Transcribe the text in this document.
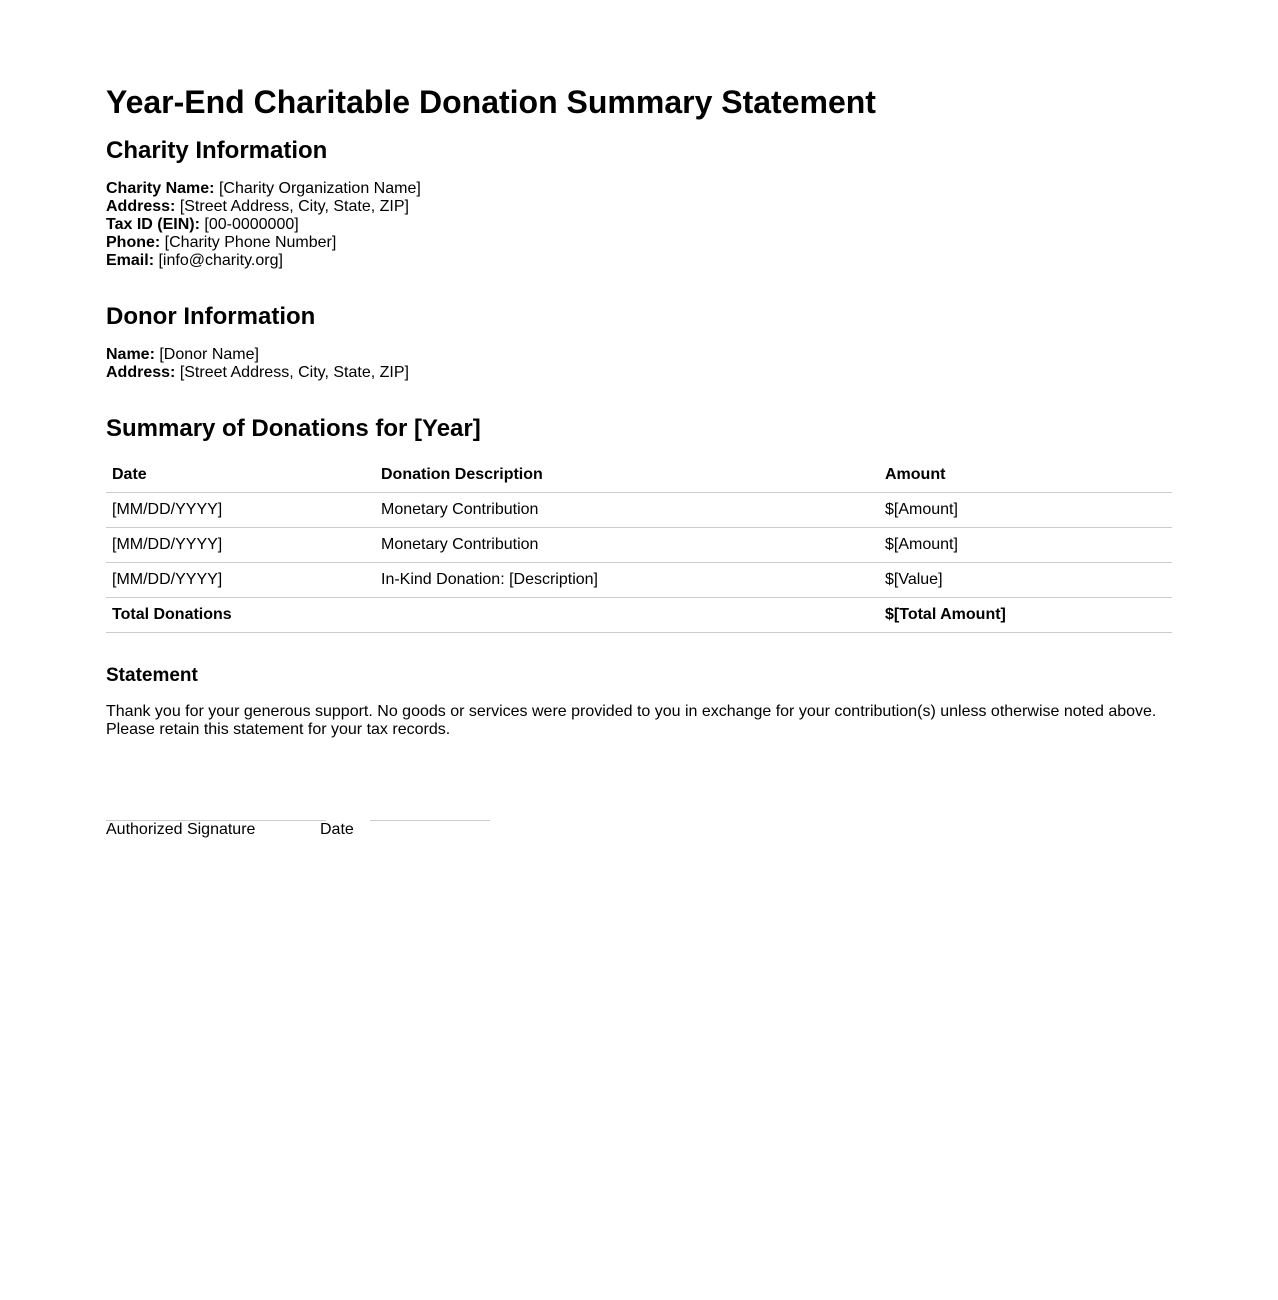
Year-End Charitable Donation Summary Statement
Charity Information
Charity Name: [Charity Organization Name]
Address: [Street Address, City, State, ZIP]
Tax ID (EIN): [00-0000000]
Phone: [Charity Phone Number]
Email: [info@charity.org]
Donor Information
Name: [Donor Name]
Address: [Street Address, City, State, ZIP]
Summary of Donations for [Year]
Date	Donation Description	Amount
[MM/DD/YYYY]	Monetary Contribution	$[Amount]
[MM/DD/YYYY]	Monetary Contribution	$[Amount]
[MM/DD/YYYY]	In-Kind Donation: [Description]	$[Value]
Total Donations		$[Total Amount]
Statement
Thank you for your generous support. No goods or services were provided to you in exchange for your contribution(s) unless otherwise noted above.
Please retain this statement for your tax records.
Authorized Signature	Date
